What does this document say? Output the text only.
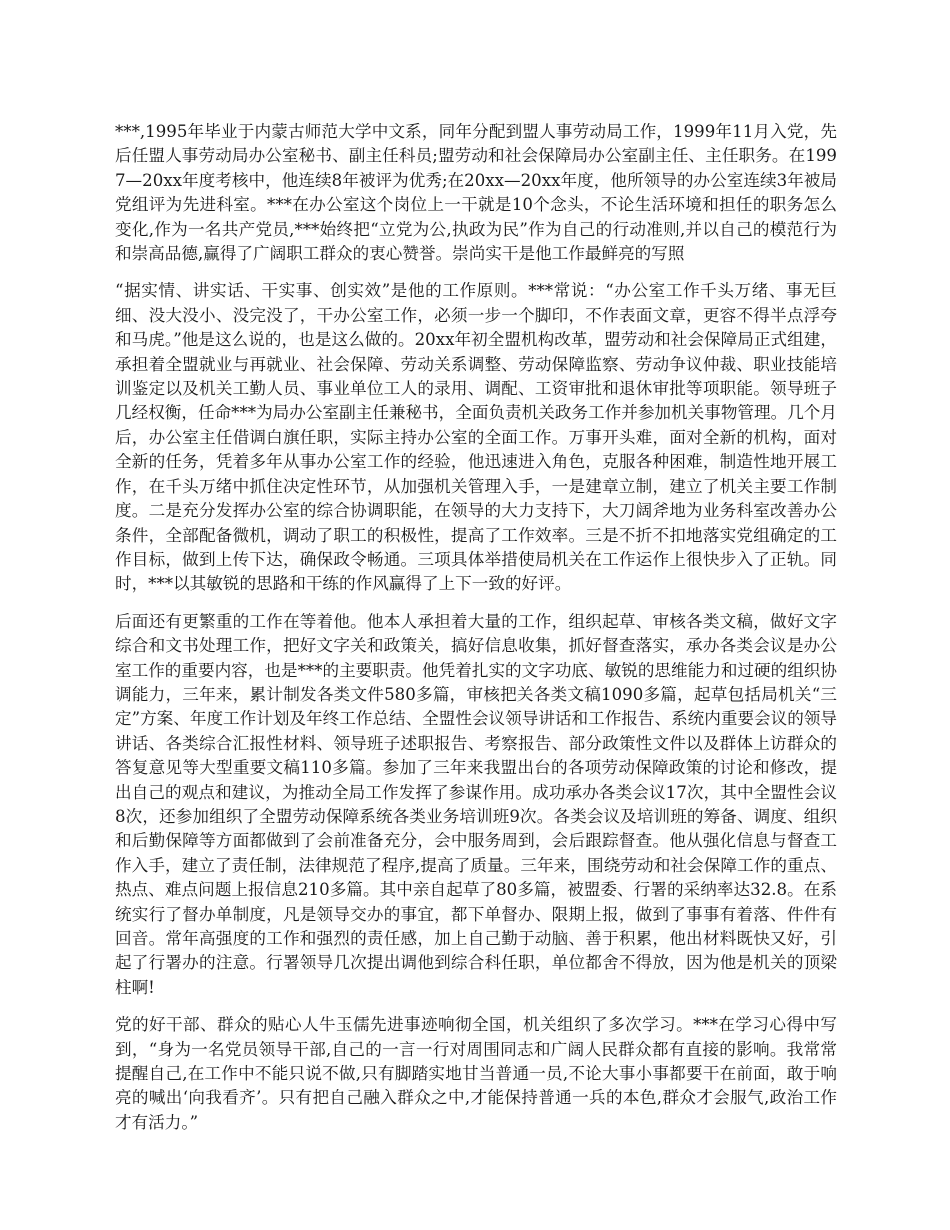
***,1995年毕业于内蒙古师范大学中文系，同年分配到盟人事劳动局工作，1999年11月入党，先后任盟人事劳动局办公室秘书、副主任科员;盟劳动和社会保障局办公室副主任、主任职务。在1997—20xx年度考核中，他连续8年被评为优秀;在20xx—20xx年度，他所领导的办公室连续3年被局党组评为先进科室。***在办公室这个岗位上一干就是10个念头，不论生活环境和担任的职务怎么变化,作为一名共产党员,***始终把“立党为公,执政为民”作为自己的行动准则,并以自己的模范行为和崇高品德,赢得了广阔职工群众的衷心赞誉。崇尚实干是他工作最鲜亮的写照

“据实情、讲实话、干实事、创实效”是他的工作原则。***常说：“办公室工作千头万绪、事无巨细、没大没小、没完没了，干办公室工作，必须一步一个脚印，不作表面文章，更容不得半点浮夸和马虎。”他是这么说的，也是这么做的。20xx年初全盟机构改革，盟劳动和社会保障局正式组建，承担着全盟就业与再就业、社会保障、劳动关系调整、劳动保障监察、劳动争议仲裁、职业技能培训鉴定以及机关工勤人员、事业单位工人的录用、调配、工资审批和退休审批等项职能。领导班子几经权衡，任命***为局办公室副主任兼秘书，全面负责机关政务工作并参加机关事物管理。几个月后，办公室主任借调白旗任职，实际主持办公室的全面工作。万事开头难，面对全新的机构，面对全新的任务，凭着多年从事办公室工作的经验，他迅速进入角色，克服各种困难，制造性地开展工作，在千头万绪中抓住决定性环节，从加强机关管理入手，一是建章立制，建立了机关主要工作制度。二是充分发挥办公室的综合协调职能，在领导的大力支持下，大刀阔斧地为业务科室改善办公条件，全部配备微机，调动了职工的积极性，提高了工作效率。三是不折不扣地落实党组确定的工作目标，做到上传下达，确保政令畅通。三项具体举措使局机关在工作运作上很快步入了正轨。同时，***以其敏锐的思路和干练的作风赢得了上下一致的好评。

后面还有更繁重的工作在等着他。他本人承担着大量的工作，组织起草、审核各类文稿，做好文字综合和文书处理工作，把好文字关和政策关，搞好信息收集，抓好督查落实，承办各类会议是办公室工作的重要内容，也是***的主要职责。他凭着扎实的文字功底、敏锐的思维能力和过硬的组织协调能力，三年来，累计制发各类文件580多篇，审核把关各类文稿1090多篇，起草包括局机关“三定”方案、年度工作计划及年终工作总结、全盟性会议领导讲话和工作报告、系统内重要会议的领导讲话、各类综合汇报性材料、领导班子述职报告、考察报告、部分政策性文件以及群体上访群众的答复意见等大型重要文稿110多篇。参加了三年来我盟出台的各项劳动保障政策的讨论和修改，提出自己的观点和建议，为推动全局工作发挥了参谋作用。成功承办各类会议17次，其中全盟性会议8次，还参加组织了全盟劳动保障系统各类业务培训班9次。各类会议及培训班的筹备、调度、组织和后勤保障等方面都做到了会前准备充分，会中服务周到，会后跟踪督查。他从强化信息与督查工作入手，建立了责任制，法律规范了程序,提高了质量。三年来，围绕劳动和社会保障工作的重点、热点、难点问题上报信息210多篇。其中亲自起草了80多篇，被盟委、行署的采纳率达32.8。在系统实行了督办单制度，凡是领导交办的事宜，都下单督办、限期上报，做到了事事有着落、件件有回音。常年高强度的工作和强烈的责任感，加上自己勤于动脑、善于积累，他出材料既快又好，引起了行署办的注意。行署领导几次提出调他到综合科任职，单位都舍不得放，因为他是机关的顶梁柱啊!

党的好干部、群众的贴心人牛玉儒先进事迹响彻全国，机关组织了多次学习。***在学习心得中写到，“身为一名党员领导干部,自己的一言一行对周围同志和广阔人民群众都有直接的影响。我常常提醒自己,在工作中不能只说不做,只有脚踏实地甘当普通一员,不论大事小事都要干在前面，敢于响亮的喊出‘向我看齐’。只有把自己融入群众之中,才能保持普通一兵的本色,群众才会服气,政治工作才有活力。”
